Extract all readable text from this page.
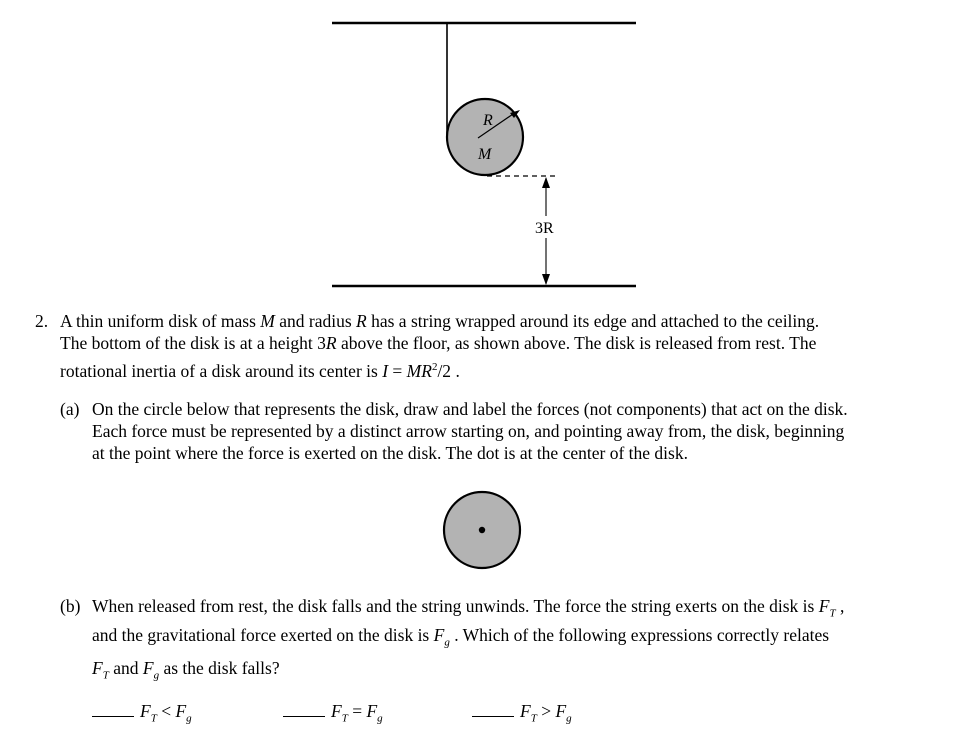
R
M
3R
2. A thin uniform disk of mass M and radius R has a string wrapped around its edge and attached to the ceiling.
The bottom of the disk is at a height 3R above the floor, as shown above. The disk is released from rest. The
rotational inertia of a disk around its center is $I = MR^2/2$ .
(a) On the circle below that represents the disk, draw and label the forces (not components) that act on the disk.
Each force must be represented by a distinct arrow starting on, and pointing away from, the disk, beginning
at the point where the force is exerted on the disk. The dot is at the center of the disk.
(b) When released from rest, the disk falls and the string unwinds. The force the string exerts on the disk is $F_T$ ,
and the gravitational force exerted on the disk is $F_g$ . Which of the following expressions correctly relates
$F_T$ and $F_g$ as the disk falls?
$F_T < F_g$	$F_T = F_g$	$F_T > F_g$
